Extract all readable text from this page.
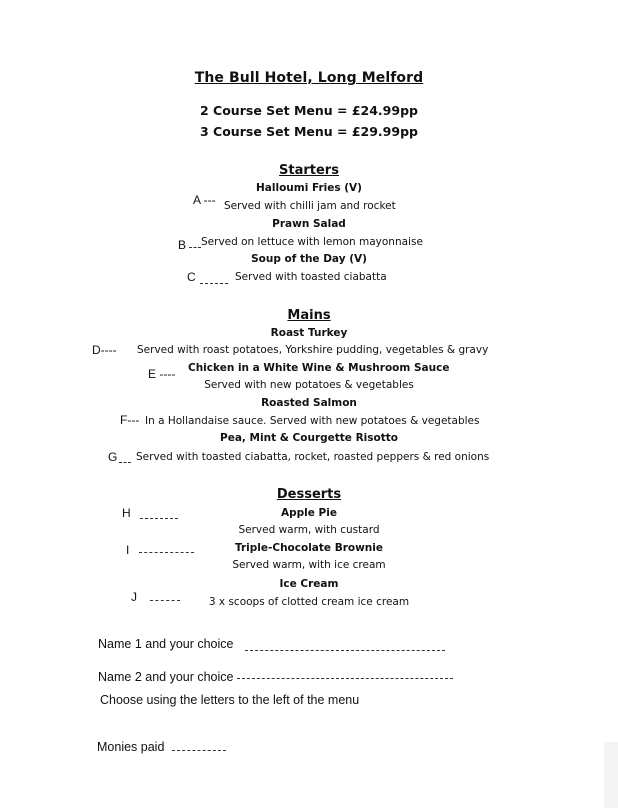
The Bull Hotel, Long Melford
2 Course Set Menu = £24.99pp
3 Course Set Menu = £29.99pp
Starters
Halloumi Fries (V)
A --- Served with chilli jam and rocket
Prawn Salad
B Served on lettuce with lemon mayonnaise
Soup of the Day (V)
C	Served with toasted ciabatta
Mains
Roast Turkey
D---- Served with roast potatoes, Yorkshire pudding, vegetables & gravy
E ---- Chicken in a White Wine & Mushroom Sauce
Served with new potatoes & vegetables
Roasted Salmon
F--- In a Hollandaise sauce. Served with new potatoes & vegetables
Pea, Mint & Courgette Risotto
G Served with toasted ciabatta, rocket, roasted peppers & red onions
Desserts
H	Apple Pie
Served warm, with custard
I	Triple-Chocolate Brownie
Served warm, with ice cream
J
Ice Cream
3 x scoops of clotted cream ice cream
Name 1 and your choice
Name 2 and your choice
Choose using the letters to the left of the menu
Monies paid
